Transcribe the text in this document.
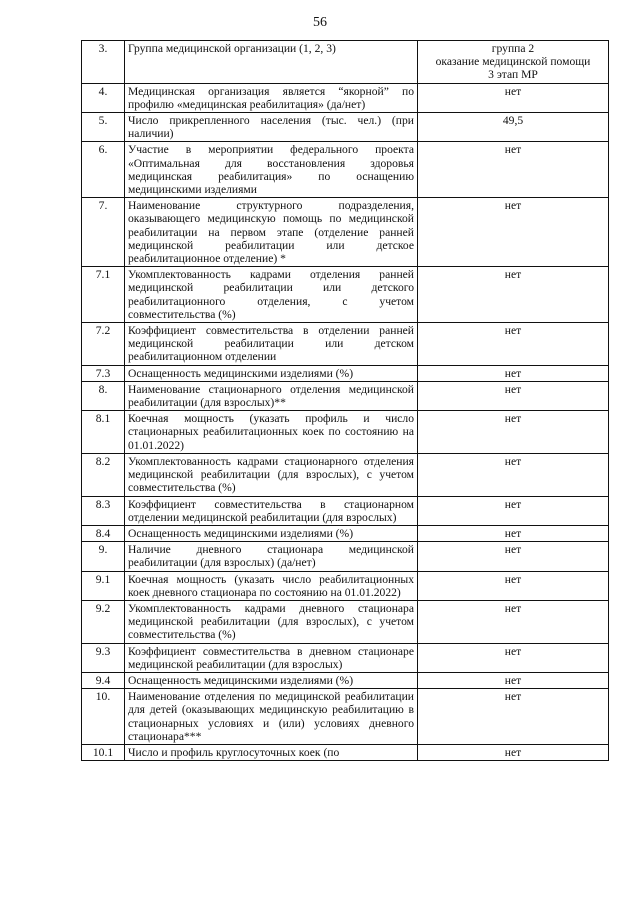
56
3.	Группа медицинской организации (1, 2, 3)	группа 2
оказание медицинской помощи
3 этап МР

4.	Медицинская организация является “якорной” по профилю «медицинская реабилитация» (да/нет)	нет

5.	Число прикрепленного населения (тыс. чел.) (при наличии)	49,5

6.	Участие в мероприятии федерального проекта «Оптимальная для восстановления здоровья медицинская реабилитация» по оснащению медицинскими изделиями	нет

7.	Наименование структурного подразделения, оказывающего медицинскую помощь по медицинской реабилитации на первом этапе (отделение ранней медицинской реабилитации или детское реабилитационное отделение) *	нет

7.1	Укомплектованность кадрами отделения ранней медицинской реабилитации или детского реабилитационного отделения, с учетом совместительства (%)	нет

7.2	Коэффициент совместительства в отделении ранней медицинской реабилитации или детском реабилитационном отделении	нет

7.3	Оснащенность медицинскими изделиями (%)	нет

8.	Наименование стационарного отделения медицинской реабилитации (для взрослых)**	нет

8.1	Коечная мощность (указать профиль и число стационарных реабилитационных коек по состоянию на 01.01.2022)	нет

8.2	Укомплектованность кадрами стационарного отделения медицинской реабилитации (для взрослых), с учетом совместительства (%)	нет

8.3	Коэффициент совместительства в стационарном отделении медицинской реабилитации (для взрослых)	нет

8.4	Оснащенность медицинскими изделиями (%)	нет

9.	Наличие дневного стационара медицинской реабилитации (для взрослых) (да/нет)	нет

9.1	Коечная мощность (указать число реабилитационных коек дневного стационара по состоянию на 01.01.2022)	нет

9.2	Укомплектованность кадрами дневного стационара медицинской реабилитации (для взрослых), с учетом совместительства (%)	нет

9.3	Коэффициент совместительства в дневном стационаре медицинской реабилитации (для взрослых)	нет

9.4	Оснащенность медицинскими изделиями (%)	нет

10.	Наименование отделения по медицинской реабилитации для детей (оказывающих медицинскую реабилитацию в стационарных условиях и (или) условиях дневного стационара***	нет

10.1	Число и профиль круглосуточных коек (по	нет
